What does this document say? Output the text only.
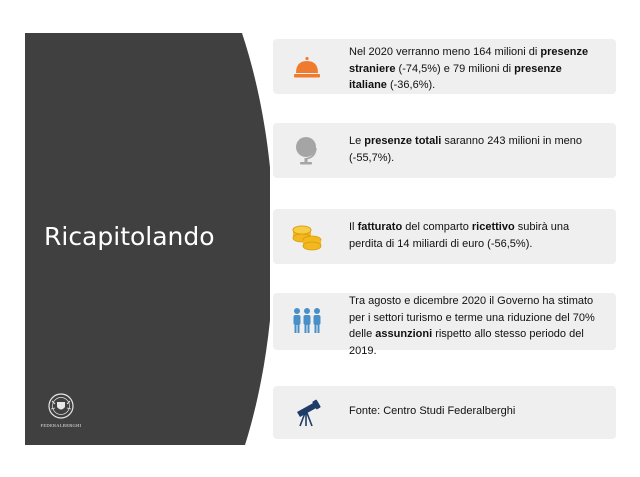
Ricapitolando
FEDERALBERGHI
Nel 2020 verranno meno 164 milioni di presenze straniere (-74,5%) e 79 milioni di presenze italiane (-36,6%).
Le presenze totali saranno 243 milioni in meno (-55,7%).
Il fatturato del comparto ricettivo subirà una perdita di 14 miliardi di euro (-56,5%).
Tra agosto e dicembre 2020 il Governo ha stimato per i settori turismo e terme una riduzione del 70% delle assunzioni rispetto allo stesso periodo del 2019.
Fonte: Centro Studi Federalberghi
